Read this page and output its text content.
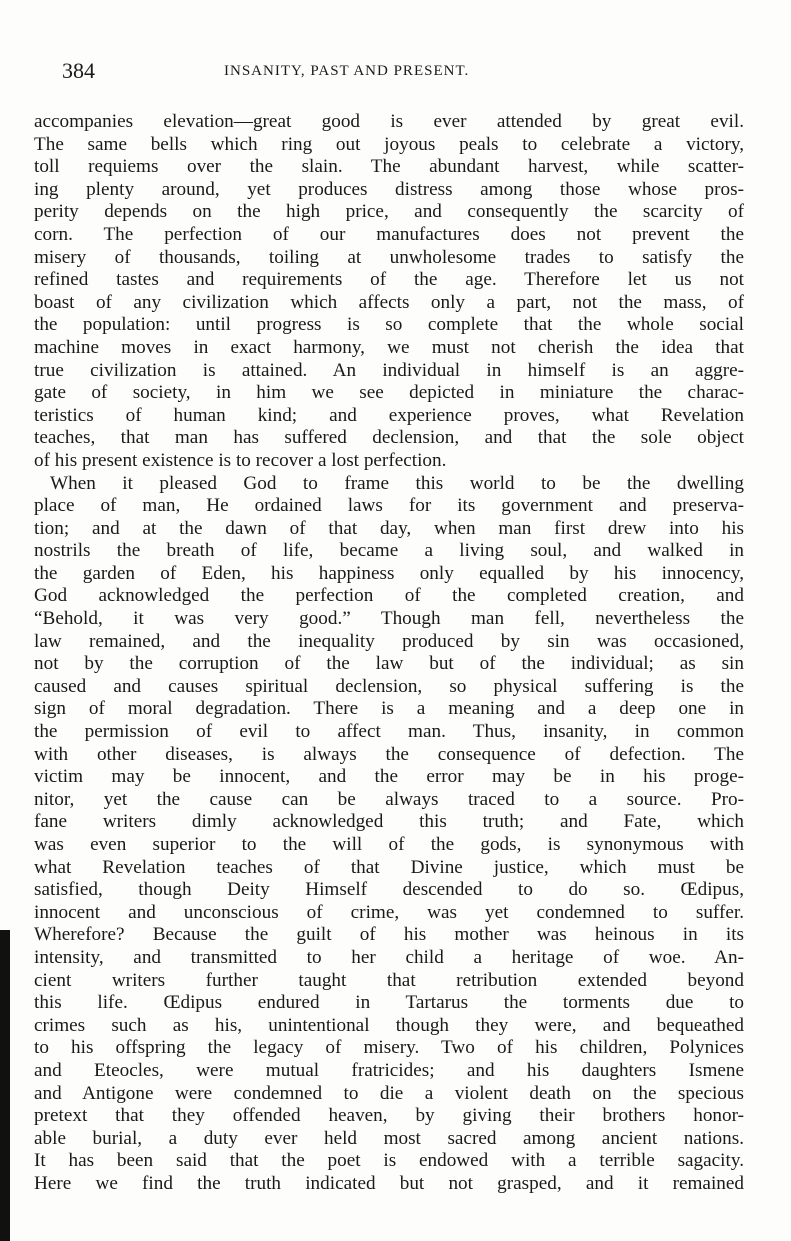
384	INSANITY, PAST AND PRESENT.

accompanies elevation—great good is ever attended by great evil.
The same bells which ring out joyous peals to celebrate a victory,
toll requiems over the slain. The abundant harvest, while scatter-
ing plenty around, yet produces distress among those whose pros-
perity depends on the high price, and consequently the scarcity of
corn. The perfection of our manufactures does not prevent the
misery of thousands, toiling at unwholesome trades to satisfy the
refined tastes and requirements of the age. Therefore let us not
boast of any civilization which affects only a part, not the mass, of
the population: until progress is so complete that the whole social
machine moves in exact harmony, we must not cherish the idea that
true civilization is attained. An individual in himself is an aggre-
gate of society, in him we see depicted in miniature the charac-
teristics of human kind; and experience proves, what Revelation
teaches, that man has suffered declension, and that the sole object
of his present existence is to recover a lost perfection.

When it pleased God to frame this world to be the dwelling
place of man, He ordained laws for its government and preserva-
tion; and at the dawn of that day, when man first drew into his
nostrils the breath of life, became a living soul, and walked in
the garden of Eden, his happiness only equalled by his innocency,
God acknowledged the perfection of the completed creation, and
“Behold, it was very good.” Though man fell, nevertheless the
law remained, and the inequality produced by sin was occasioned,
not by the corruption of the law but of the individual; as sin
caused and causes spiritual declension, so physical suffering is the
sign of moral degradation. There is a meaning and a deep one in
the permission of evil to affect man. Thus, insanity, in common
with other diseases, is always the consequence of defection. The
victim may be innocent, and the error may be in his proge-
nitor, yet the cause can be always traced to a source. Pro-
fane writers dimly acknowledged this truth; and Fate, which
was even superior to the will of the gods, is synonymous with
what Revelation teaches of that Divine justice, which must be
satisfied, though Deity Himself descended to do so. Œdipus,
innocent and unconscious of crime, was yet condemned to suffer.
Wherefore? Because the guilt of his mother was heinous in its
intensity, and transmitted to her child a heritage of woe. An-
cient writers further taught that retribution extended beyond
this life. Œdipus endured in Tartarus the torments due to
crimes such as his, unintentional though they were, and bequeathed
to his offspring the legacy of misery. Two of his children, Polynices
and Eteocles, were mutual fratricides; and his daughters Ismene
and Antigone were condemned to die a violent death on the specious
pretext that they offended heaven, by giving their brothers honor-
able burial, a duty ever held most sacred among ancient nations.
It has been said that the poet is endowed with a terrible sagacity.
Here we find the truth indicated but not grasped, and it remained
